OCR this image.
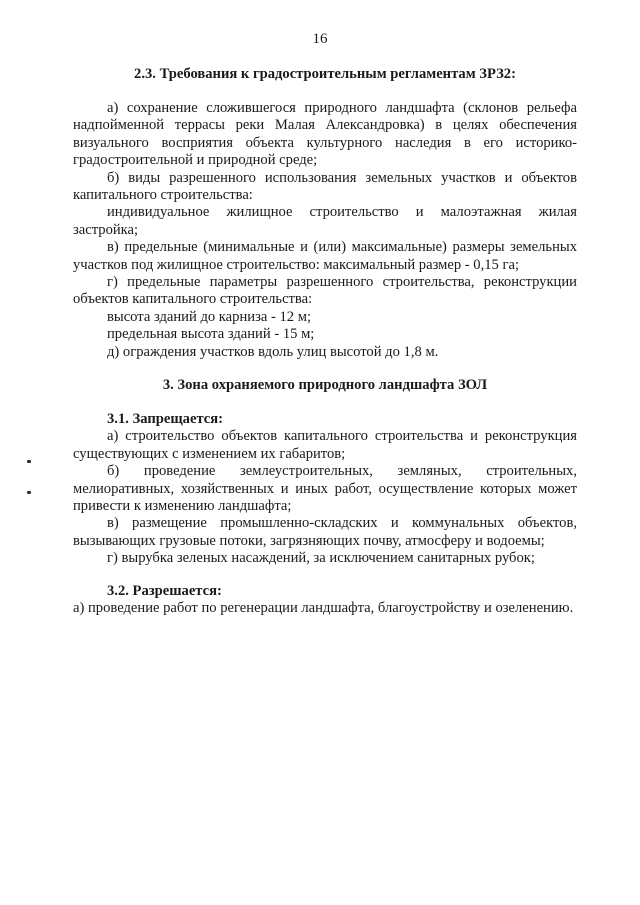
16

2.3. Требования к градостроительным регламентам ЗРЗ2:

а) сохранение сложившегося природного ландшафта (склонов рельефа надпойменной террасы реки Малая Александровка) в целях обеспечения визуального восприятия объекта культурного наследия в его историко-градостроительной и природной среде;

б) виды разрешенного использования земельных участков и объектов капитального строительства:

индивидуальное жилищное строительство и малоэтажная жилая застройка;

в) предельные (минимальные и (или) максимальные) размеры земельных участков под жилищное строительство: максимальный размер - 0,15 га;

г) предельные параметры разрешенного строительства, реконструкции объектов капитального строительства:

высота зданий до карниза - 12 м;

предельная высота зданий - 15 м;

д) ограждения участков вдоль улиц высотой до 1,8 м.

3. Зона охраняемого природного ландшафта ЗОЛ

3.1. Запрещается:

а) строительство объектов капитального строительства и реконструкция существующих с изменением их габаритов;

б) проведение землеустроительных, земляных, строительных, мелиоративных, хозяйственных и иных работ, осуществление которых может привести к изменению ландшафта;

в) размещение промышленно-складских и коммунальных объектов, вызывающих грузовые потоки, загрязняющих почву, атмосферу и водоемы;

г) вырубка зеленых насаждений, за исключением санитарных рубок;

3.2. Разрешается:

а) проведение работ по регенерации ландшафта, благоустройству и озеленению.
